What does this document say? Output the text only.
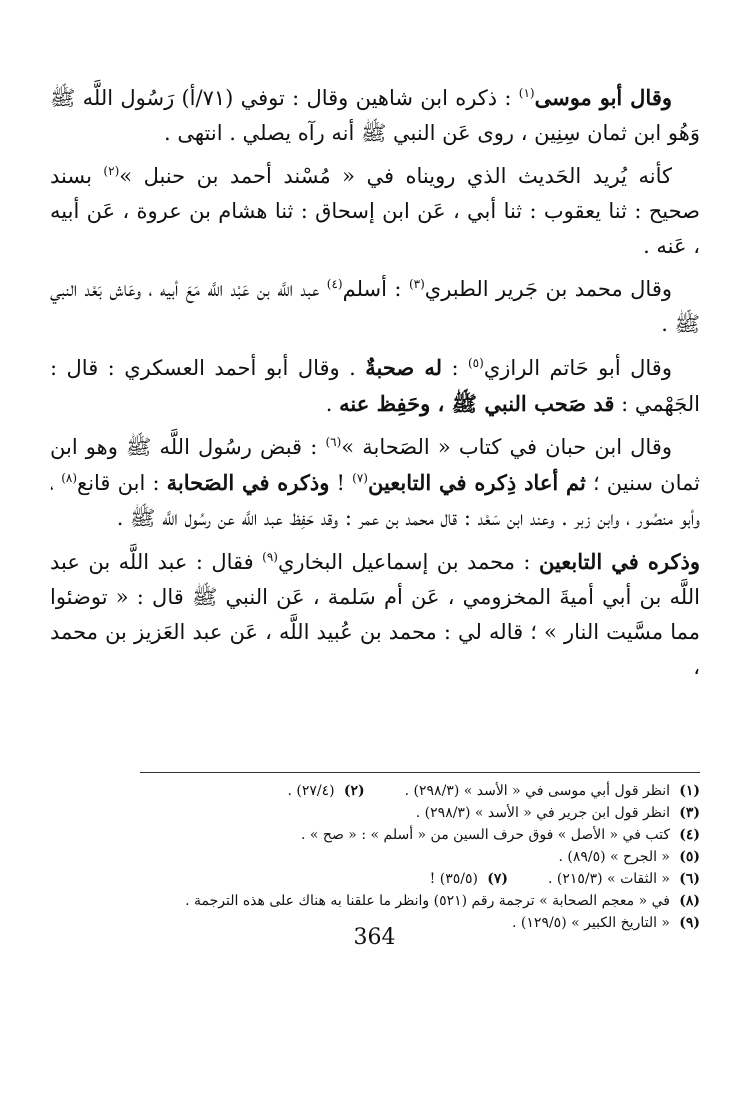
وقال أبو موسى$^{(١)}$ : ذكره ابن شاهين وقال : توفي (٧١/أ) رَسُول اللَّه ﷺ وَهُو ابن ثمان سِنِين ، روى عَن النبي ﷺ أنه رآه يصلي . انتهى .

كأنه يُريد الحَديث الذي رويناه في « مُسْند أحمد بن حنبل »$^{(٢)}$ بسند صحيح : ثنا يعقوب : ثنا أبي ، عَن ابن إسحاق : ثنا هشام بن عروة ، عَن أبيه ، عَنه .

وقال محمد بن جَرير الطبري$^{(٣)}$ : أسلم$^{(٤)}$ عبد اللَّه بن عَبْد اللَّه مَعَ أبيه ، وعَاش بَعْد النبي ﷺ .

وقال أبو حَاتم الرازي$^{(٥)}$ : له صحبةٌ . وقال أبو أحمد العسكري : قال : الجَهْمي : قد صَحب النبي ﷺ ، وحَفِظ عنه .

وقال ابن حبان في كتاب « الصَحابة »$^{(٦)}$ : قبض رسُول اللَّه ﷺ وهو ابن ثمان سنين ؛ ثم أعاد ذِكره في التابعين$^{(٧)}$ ! وذكره في الصَحابة : ابن قانع$^{(٨)}$ ، وأبو منصُور ، وابن زبر . وعند ابن سَعْد : قال محمد بن عمر : وقد حَفِظ عبد اللَّه عن رسُول اللَّه ﷺ .

وذكره في التابعين : محمد بن إسماعيل البخاري$^{(٩)}$ فقال : عبد اللَّه بن عبد اللَّه بن أبي أميةَ المخزومي ، عَن أم سَلمة ، عَن النبي ﷺ قال : « توضئوا مما مسَّيت النار » ؛ قاله لي : محمد بن عُبيد اللَّه ، عَن عبد العَزيز بن محمد ،

(١)
انظر قول أبي موسى في « الأسد » (٢٩٨/٣) .
(٢)
(٢٧/٤) .
(٣)
انظر قول ابن جرير في « الأسد » (٢٩٨/٣) .
(٤)
كتب في « الأصل » فوق حرف السين من « أسلم » : « صح » .
(٥)
« الجرح » (٨٩/٥) .
(٦)
« الثقات » (٢١٥/٣) .
(٧)
(٣٥/٥) !
(٨)
في « معجم الصحابة » ترجمة رقم (٥٢١) وانظر ما علقنا به هناك على هذه الترجمة .
(٩)
« التاريخ الكبير » (١٢٩/٥) .
364
